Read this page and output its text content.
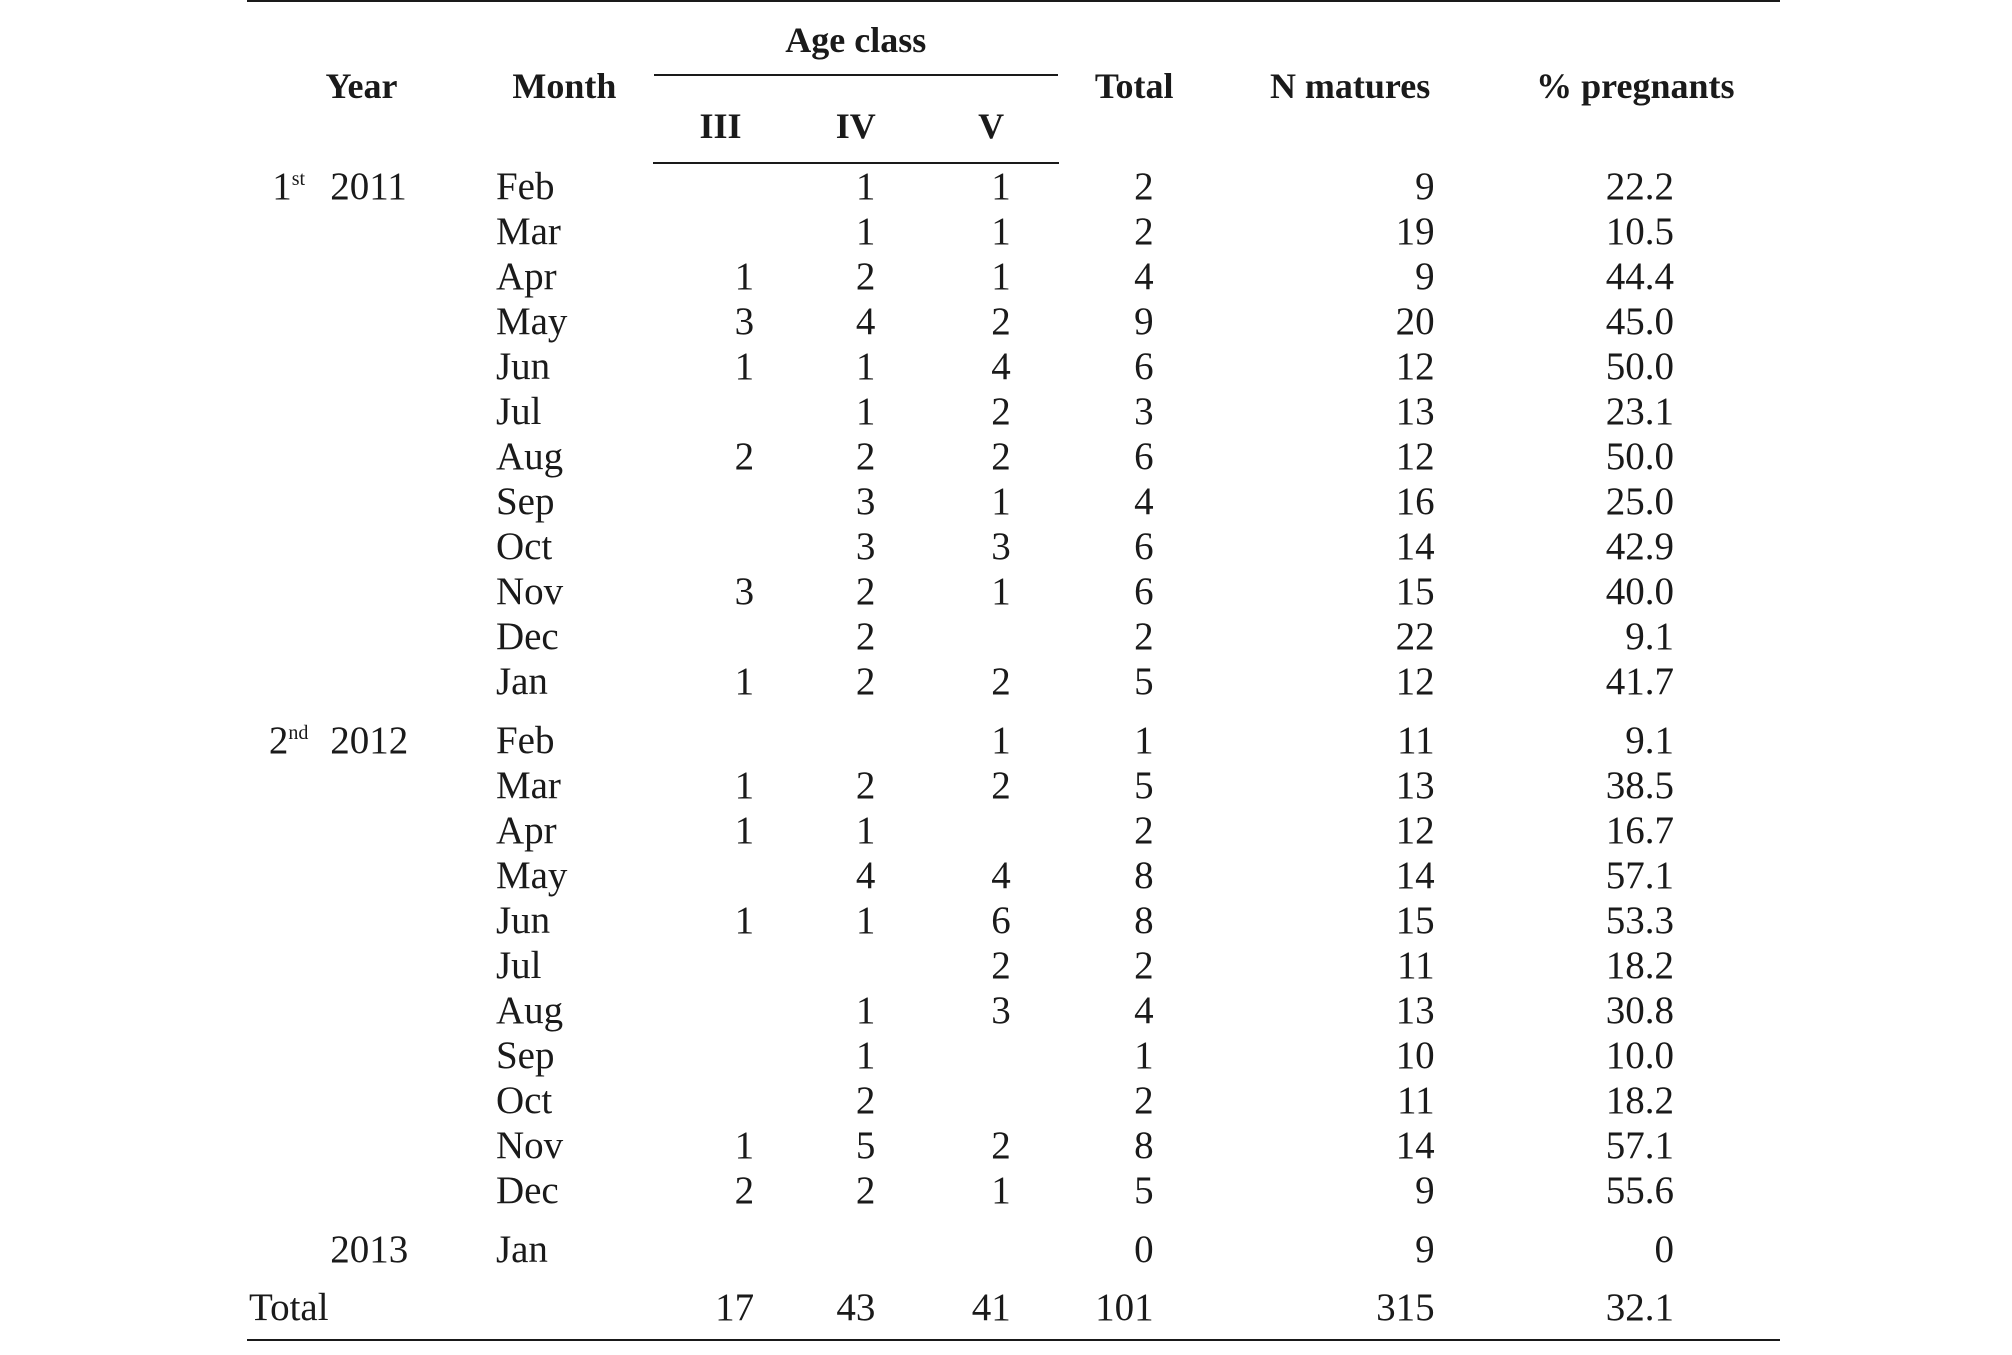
Year		Month	Age class			Total	N matures	% pregnants
			III	IV	V			
1st	2011	Feb		1	1	2	9	22.2
		Mar		1	1	2	19	10.5
		Apr	1	2	1	4	9	44.4
		May	3	4	2	9	20	45.0
		Jun	1	1	4	6	12	50.0
		Jul		1	2	3	13	23.1
		Aug	2	2	2	6	12	50.0
		Sep		3	1	4	16	25.0
		Oct		3	3	6	14	42.9
		Nov	3	2	1	6	15	40.0
		Dec		2		2	22	9.1
		Jan	1	2	2	5	12	41.7
2nd	2012	Feb			1	1	11	9.1
		Mar	1	2	2	5	13	38.5
		Apr	1	1		2	12	16.7
		May		4	4	8	14	57.1
		Jun	1	1	6	8	15	53.3
		Jul			2	2	11	18.2
		Aug		1	3	4	13	30.8
		Sep		1		1	10	10.0
		Oct		2		2	11	18.2
		Nov	1	5	2	8	14	57.1
		Dec	2	2	1	5	9	55.6
	2013	Jan				0	9	0
Total			17	43	41	101	315	32.1
